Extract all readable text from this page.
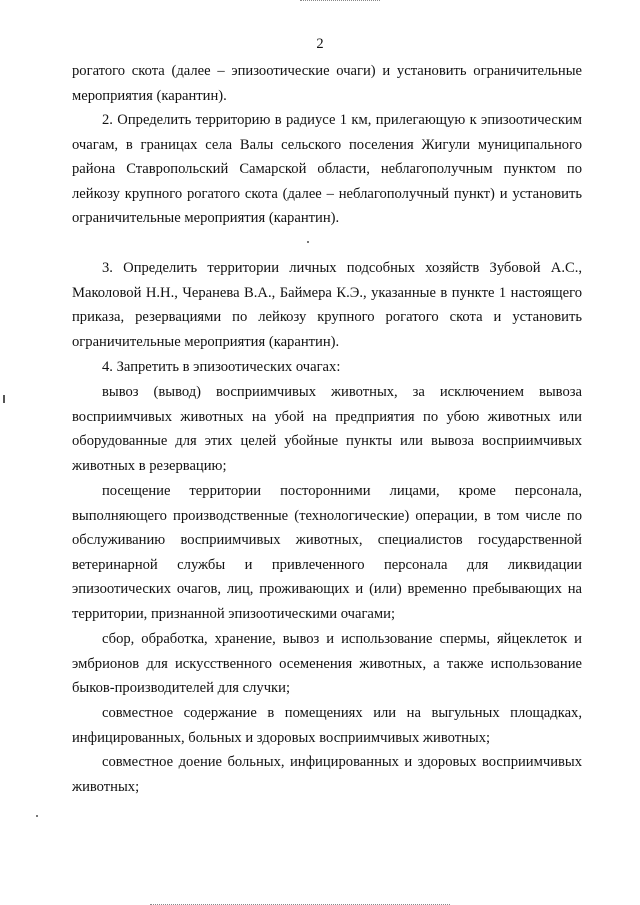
2

рогатого скота (далее – эпизоотические очаги) и установить ограничительные мероприятия (карантин).

2. Определить территорию в радиусе 1 км, прилегающую к эпизоотическим очагам, в границах села Валы сельского поселения Жигули муниципального района Ставропольский Самарской области, неблагополучным пунктом по лейкозу крупного рогатого скота (далее – неблагополучный пункт) и установить ограничительные мероприятия (карантин).

3. Определить территории личных подсобных хозяйств Зубовой А.С., Маколовой Н.Н., Черанева В.А., Баймера К.Э., указанные в пункте 1 настоящего приказа, резервациями по лейкозу крупного рогатого скота и установить ограничительные мероприятия (карантин).

4. Запретить в эпизоотических очагах:

вывоз (вывод) восприимчивых животных, за исключением вывоза восприимчивых животных на убой на предприятия по убою животных или оборудованные для этих целей убойные пункты или вывоза восприимчивых животных в резервацию;

посещение территории посторонними лицами, кроме персонала, выполняющего производственные (технологические) операции, в том числе по обслуживанию восприимчивых животных, специалистов государственной ветеринарной службы и привлеченного персонала для ликвидации эпизоотических очагов, лиц, проживающих и (или) временно пребывающих на территории, признанной эпизоотическими очагами;

сбор, обработка, хранение, вывоз и использование спермы, яйцеклеток и эмбрионов для искусственного осеменения животных, а также использование быков-производителей для случки;

совместное содержание в помещениях или на выгульных площадках, инфицированных, больных и здоровых восприимчивых животных;

совместное доение больных, инфицированных и здоровых восприимчивых животных;
